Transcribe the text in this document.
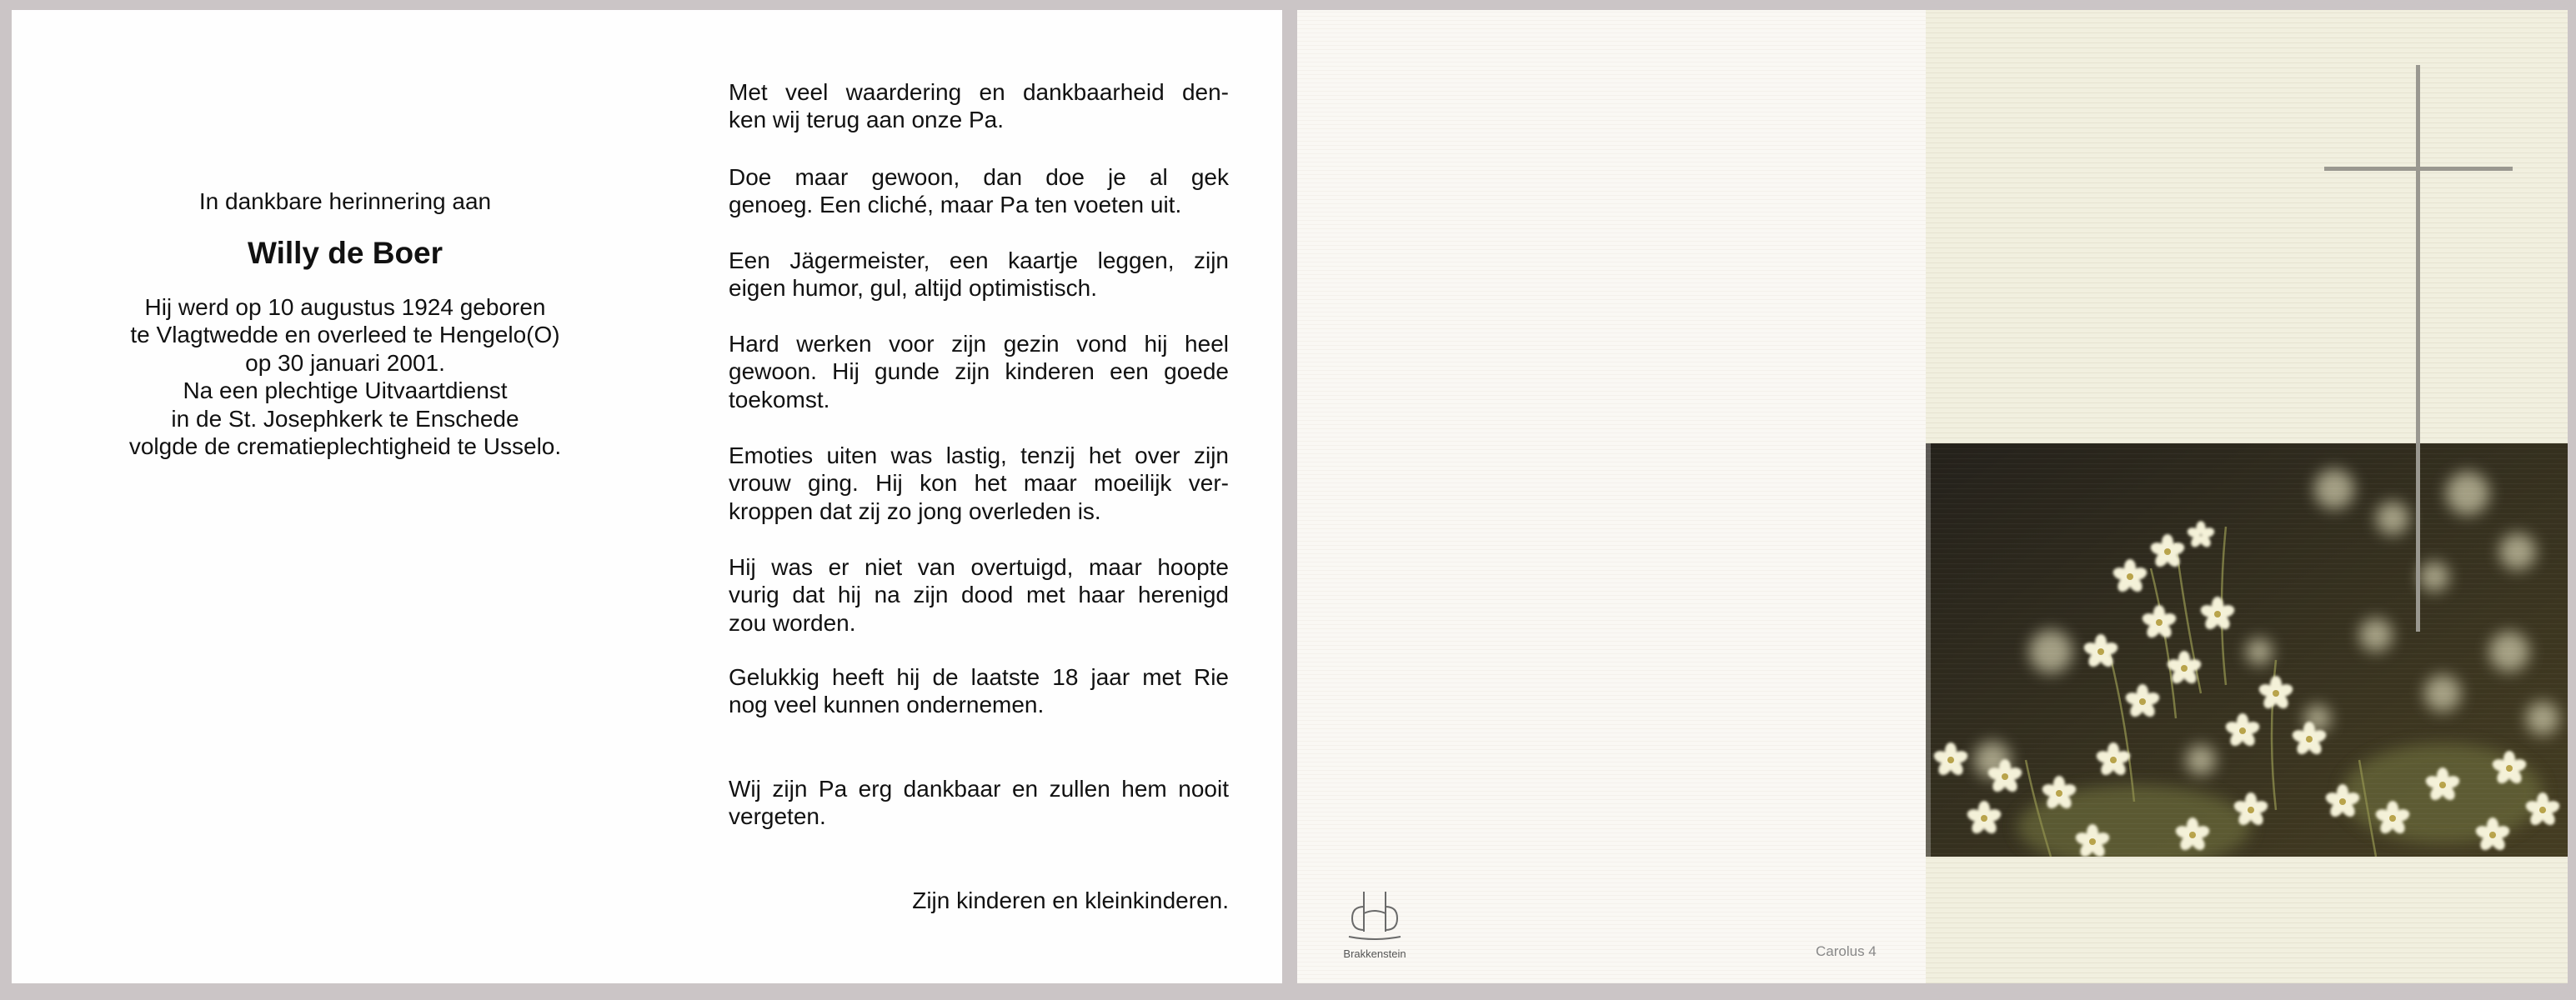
In dankbare herinnering aan
Willy de Boer
Hij werd op 10 augustus 1924 geboren
te Vlagtwedde en overleed te Hengelo(O)
op 30 januari 2001.
Na een plechtige Uitvaartdienst
in de St. Josephkerk te Enschede
volgde de crematieplechtigheid te Usselo.
Met veel waardering en dankbaarheid den-
ken wij terug aan onze Pa.
Doe maar gewoon, dan doe je al gek
genoeg. Een cliché, maar Pa ten voeten uit.
Een Jägermeister, een kaartje leggen, zijn
eigen humor, gul, altijd optimistisch.
Hard werken voor zijn gezin vond hij heel
gewoon. Hij gunde zijn kinderen een goede
toekomst.
Emoties uiten was lastig, tenzij het over zijn
vrouw ging. Hij kon het maar moeilijk ver-
kroppen dat zij zo jong overleden is.
Hij was er niet van overtuigd, maar hoopte
vurig dat hij na zijn dood met haar herenigd
zou worden.
Gelukkig heeft hij de laatste 18 jaar met Rie
nog veel kunnen ondernemen.
Wij zijn Pa erg dankbaar en zullen hem nooit
vergeten.
Zijn kinderen en kleinkinderen.
Brakkenstein	Carolus 4
